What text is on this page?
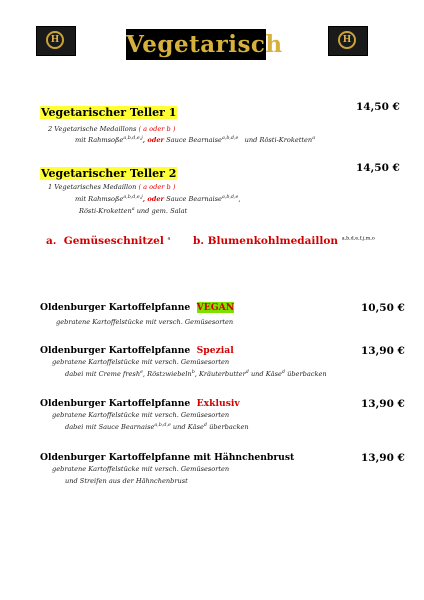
H	Vegetarisch	H
Vegetarischer Teller 1	14,50 €
2 Vegetarische Medaillons ( a oder b )
mit Rahmsoße$^{a,b,d,e,j}$, oder Sauce Bearnaise$^{a,b,d,e}$ und Rösti-Kroketten$^a$
Vegetarischer Teller 2	14,50 €
1 Vegetarisches Medaillon ( a oder b )
mit Rahmsoße$^{a,b,d,e,j}$, oder Sauce Bearnaise$^{a,b,d,e}$,
Rösti-Kroketten$^a$ und gem. Salat
a. Gemüseschnitzel $^a$ b. Blumenkohlmedaillon $^{a,b,d,e,f,j,m,o}$
Oldenburger Kartoffelpfanne VEGAN	10,50 €
gebratene Kartoffelstücke mit versch. Gemüsesorten
Oldenburger Kartoffelpfanne Spezial	13,90 €
gebratene Kartoffelstücke mit versch. Gemüsesorten
dabei mit Creme fresh$^e$, Röstzwiebeln$^b$, Kräuterbutter$^d$ und Käse$^d$ überbacken
Oldenburger Kartoffelpfanne Exklusiv	13,90 €
gebratene Kartoffelstücke mit versch. Gemüsesorten
dabei mit Sauce Bearnaise$^{a,b,d,e}$ und Käse$^d$ überbacken
Oldenburger Kartoffelpfanne mit Hähnchenbrust	13,90 €
gebratene Kartoffelstücke mit versch. Gemüsesorten
und Streifen aus der Hähnchenbrust
